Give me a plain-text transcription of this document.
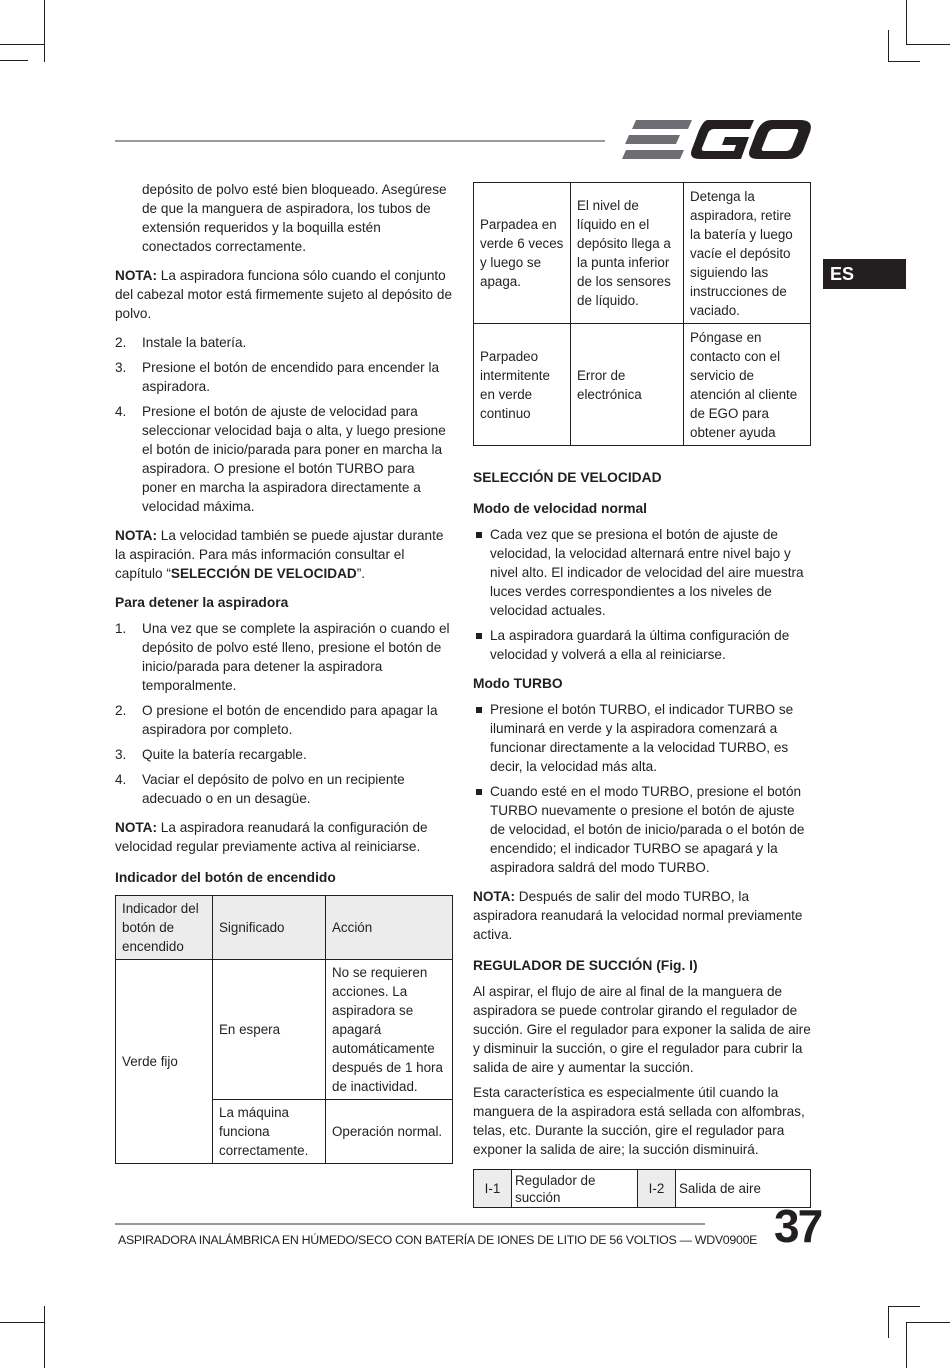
ES

depósito de polvo esté bien bloqueado. Asegúrese de que la manguera de aspiradora, los tubos de extensión requeridos y la boquilla estén conectados correctamente.

NOTA: La aspiradora funciona sólo cuando el conjunto del cabezal motor está firmemente sujeto al depósito de polvo.

2. Instale la batería.
3. Presione el botón de encendido para encender la aspiradora.
4. Presione el botón de ajuste de velocidad para seleccionar velocidad baja o alta, y luego presione el botón de inicio/parada para poner en marcha la aspiradora. O presione el botón TURBO para poner en marcha la aspiradora directamente a velocidad máxima.

NOTA: La velocidad también se puede ajustar durante la aspiración. Para más información consultar el capítulo “SELECCIÓN DE VELOCIDAD”.

Para detener la aspiradora
1. Una vez que se complete la aspiración o cuando el depósito de polvo esté lleno, presione el botón de inicio/parada para detener la aspiradora temporalmente.
2. O presione el botón de encendido para apagar la aspiradora por completo.
3. Quite la batería recargable.
4. Vaciar el depósito de polvo en un recipiente adecuado o en un desagüe.

NOTA: La aspiradora reanudará la configuración de velocidad regular previamente activa al reiniciarse.

Indicador del botón de encendido
Indicador del botón de encendido	Significado	Acción
Verde fijo	En espera	No se requieren acciones. La aspiradora se apagará automáticamente después de 1 hora de inactividad.
	La máquina funciona correctamente.	Operación normal.
Parpadea en verde 6 veces y luego se apaga.	El nivel de líquido en el depósito llega a la punta inferior de los sensores de líquido.	Detenga la aspiradora, retire la batería y luego vacíe el depósito siguiendo las instrucciones de vaciado.
Parpadeo intermitente en verde continuo	Error de electrónica	Póngase en contacto con el servicio de atención al cliente de EGO para obtener ayuda
SELECCIÓN DE VELOCIDAD
Modo de velocidad normal
Cada vez que se presiona el botón de ajuste de velocidad, la velocidad alternará entre nivel bajo y nivel alto. El indicador de velocidad del aire muestra luces verdes correspondientes a los niveles de velocidad actuales.
La aspiradora guardará la última configuración de velocidad y volverá a ella al reiniciarse.
Modo TURBO
Presione el botón TURBO, el indicador TURBO se iluminará en verde y la aspiradora comenzará a funcionar directamente a la velocidad TURBO, es decir, la velocidad más alta.
Cuando esté en el modo TURBO, presione el botón TURBO nuevamente o presione el botón de ajuste de velocidad, el botón de inicio/parada o el botón de encendido; el indicador TURBO se apagará y la aspiradora saldrá del modo TURBO.

NOTA: Después de salir del modo TURBO, la aspiradora reanudará la velocidad normal previamente activa.

REGULADOR DE SUCCIÓN (Fig. I)

Al aspirar, el flujo de aire al final de la manguera de aspiradora se puede controlar girando el regulador de succión. Gire el regulador para exponer la salida de aire y disminuir la succión, o gire el regulador para cubrir la salida de aire y aumentar la succión.

Esta característica es especialmente útil cuando la manguera de la aspiradora está sellada con alfombras, telas, etc. Durante la succión, gire el regulador para exponer la salida de aire; la succión disminuirá.

I-1	Regulador de succión	I-2	Salida de aire
ASPIRADORA INALÁMBRICA EN HÚMEDO/SECO CON BATERÍA DE IONES DE LITIO DE 56 VOLTIOS — WDV0900E 37
